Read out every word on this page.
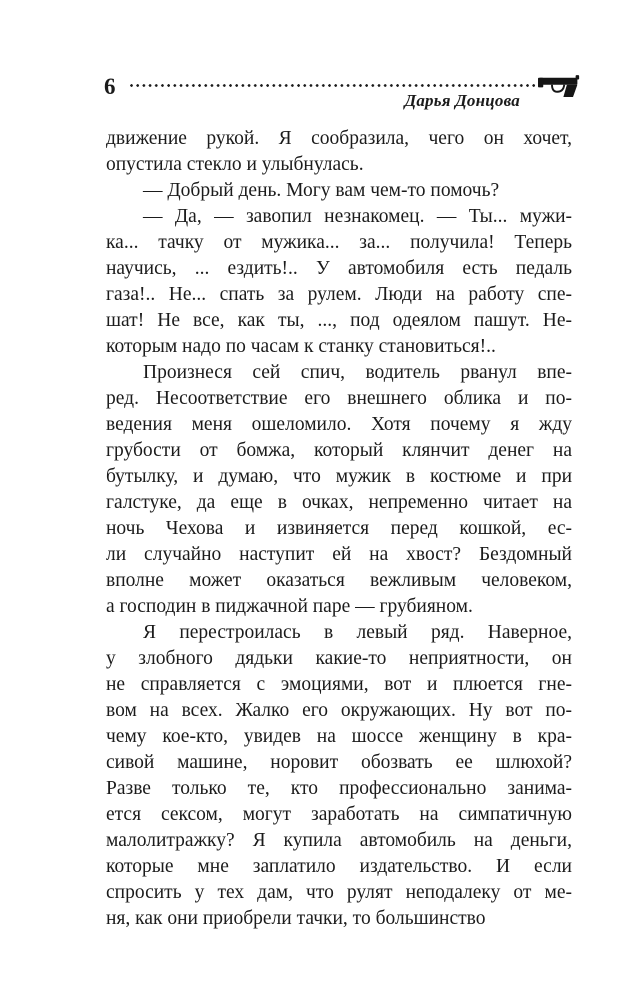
6
Дарья Донцова
движение рукой. Я сообразила, чего он хочет,
опустила стекло и улыбнулась.
— Добрый день. Могу вам чем-то помочь?
— Да, — завопил незнакомец. — Ты... мужи-
ка... тачку от мужика... за... получила! Теперь
научись, ... ездить!.. У автомобиля есть педаль
газа!.. Не... спать за рулем. Люди на работу спе-
шат! Не все, как ты, ..., под одеялом пашут. Не-
которым надо по часам к станку становиться!..
Произнеся сей спич, водитель рванул впе-
ред. Несоответствие его внешнего облика и по-
ведения меня ошеломило. Хотя почему я жду
грубости от бомжа, который клянчит денег на
бутылку, и думаю, что мужик в костюме и при
галстуке, да еще в очках, непременно читает на
ночь Чехова и извиняется перед кошкой, ес-
ли случайно наступит ей на хвост? Бездомный
вполне может оказаться вежливым человеком,
а господин в пиджачной паре — грубияном.
Я перестроилась в левый ряд. Наверное,
у злобного дядьки какие-то неприятности, он
не справляется с эмоциями, вот и плюется гне-
вом на всех. Жалко его окружающих. Ну вот по-
чему кое-кто, увидев на шоссе женщину в кра-
сивой машине, норовит обозвать ее шлюхой?
Разве только те, кто профессионально занима-
ется сексом, могут заработать на симпатичную
малолитражку? Я купила автомобиль на деньги,
которые мне заплатило издательство. И если
спросить у тех дам, что рулят неподалеку от ме-
ня, как они приобрели тачки, то большинство
